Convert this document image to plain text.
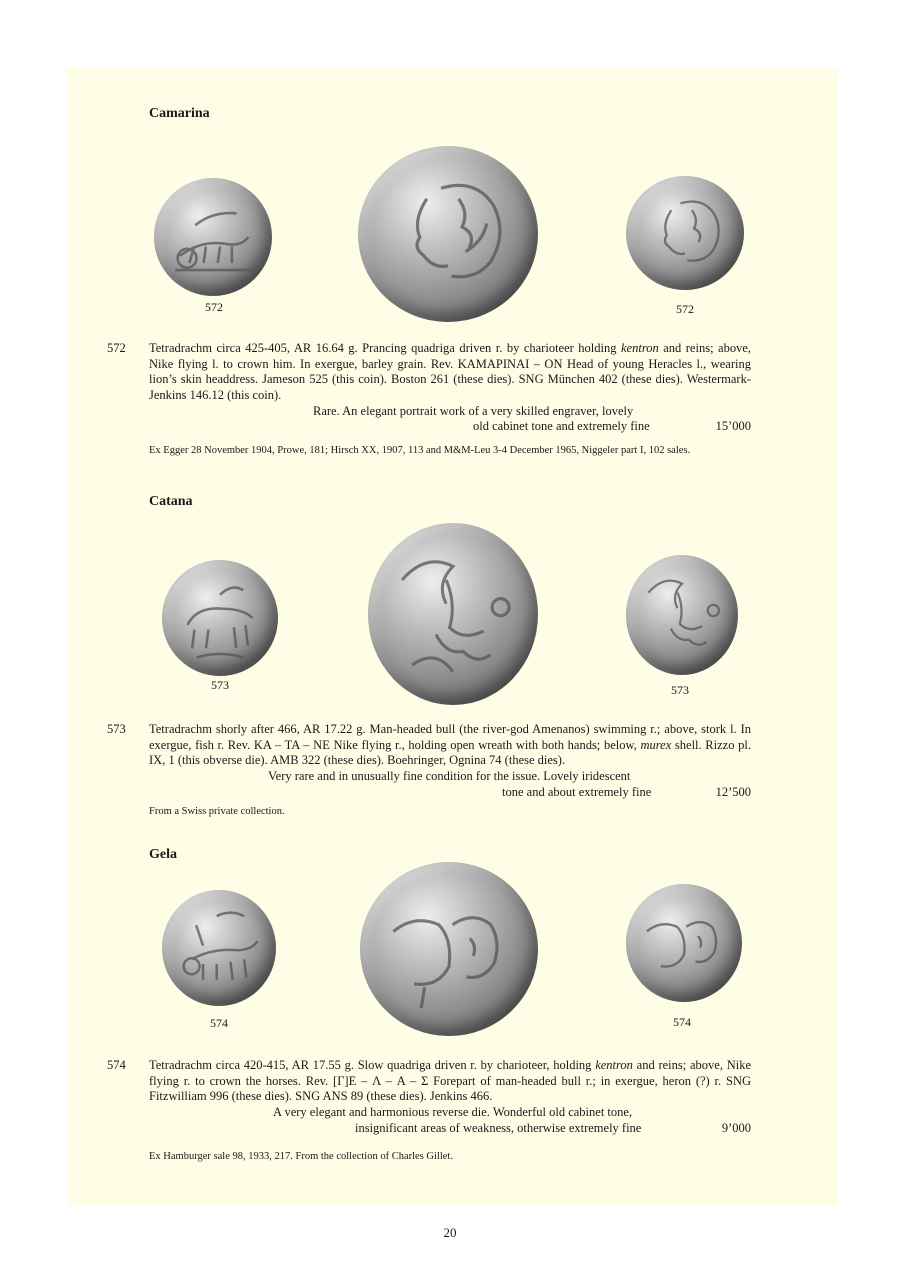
Camarina
572	572
572 Tetradrachm circa 425-405, AR 16.64 g. Prancing quadriga driven r. by charioteer holding kentron and reins; above, Nike flying l. to crown him. In exergue, barley grain. Rev. KAMAPINAI – ON Head of young Heracles l., wearing lion’s skin headdress. Jameson 525 (this coin). Boston 261 (these dies). SNG München 402 (these dies). Westermark-Jenkins 146.12 (this coin).

Rare. An elegant portrait work of a very skilled engraver, lovely
old cabinet tone and extremely fine	15’000
Ex Egger 28 November 1904, Prowe, 181; Hirsch XX, 1907, 113 and M&M-Leu 3-4 December 1965, Niggeler part I, 102 sales.
Catana
573	573
573 Tetradrachm shorly after 466, AR 17.22 g. Man-headed bull (the river-god Amenanos) swimming r.; above, stork l. In exergue, fish r. Rev. KA – TA – NE Nike flying r., holding open wreath with both hands; below, murex shell. Rizzo pl. IX, 1 (this obverse die). AMB 322 (these dies). Boehringer, Ognina 74 (these dies).

Very rare and in unusually fine condition for the issue. Lovely iridescent
tone and about extremely fine	12’500
From a Swiss private collection.
Gela
574	574
574 Tetradrachm circa 420-415, AR 17.55 g. Slow quadriga driven r. by charioteer, holding kentron and reins; above, Nike flying r. to crown the horses. Rev. [Γ]E – Λ – A – Σ Forepart of man-headed bull r.; in exergue, heron (?) r. SNG Fitzwilliam 996 (these dies). SNG ANS 89 (these dies). Jenkins 466.

A very elegant and harmonious reverse die. Wonderful old cabinet tone,
insignificant areas of weakness, otherwise extremely fine	9’000
Ex Hamburger sale 98, 1933, 217. From the collection of Charles Gillet.
20
